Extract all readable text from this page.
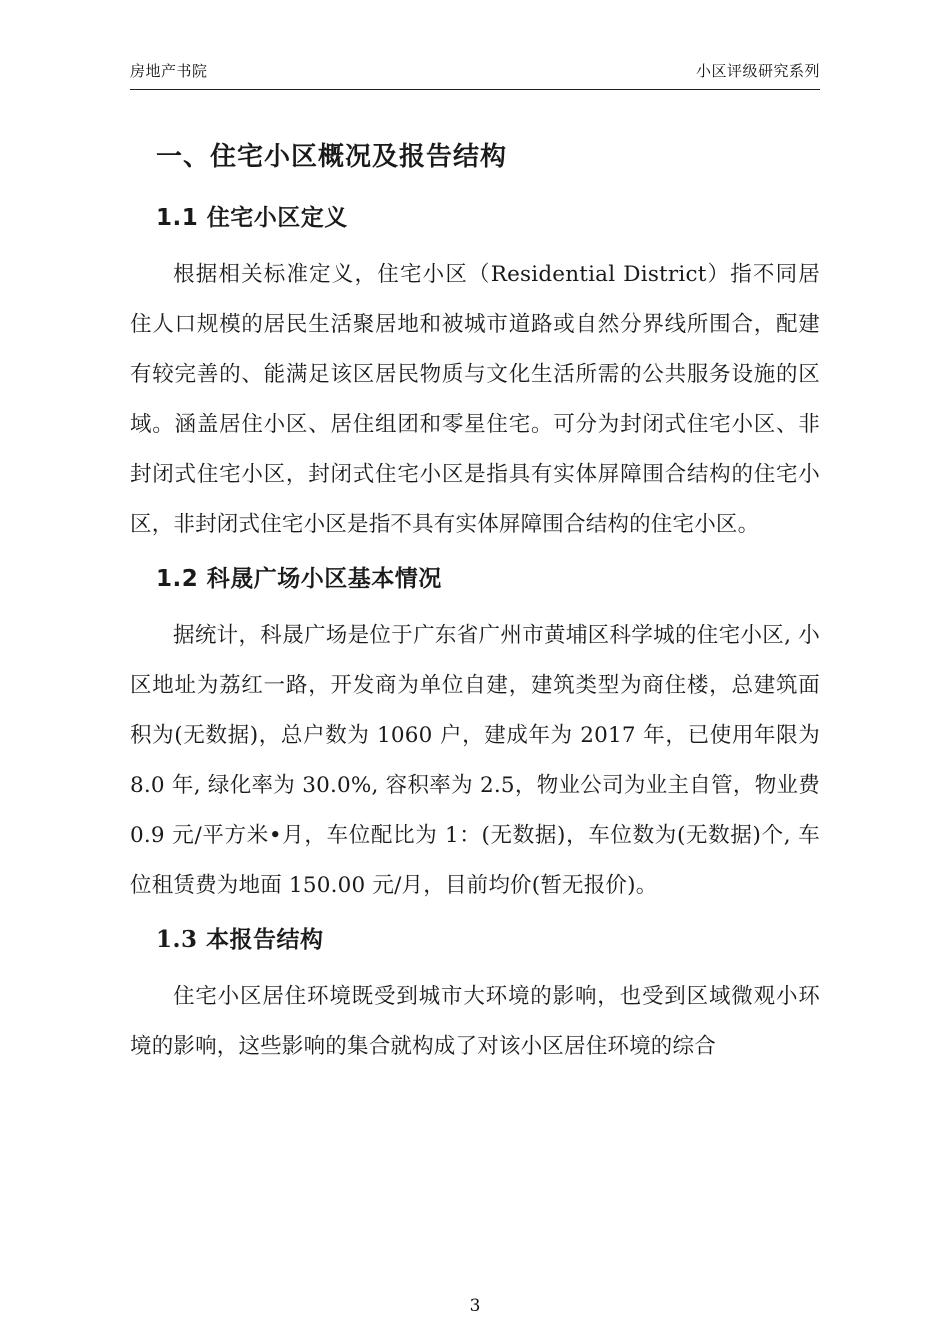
房地产书院	小区评级研究系列
一、住宅小区概况及报告结构
1.1 住宅小区定义

根据相关标准定义，住宅小区（Residential District）指不同居住人口规模的居民生活聚居地和被城市道路或自然分界线所围合，配建有较完善的、能满足该区居民物质与文化生活所需的公共服务设施的区域。涵盖居住小区、居住组团和零星住宅。可分为封闭式住宅小区、非封闭式住宅小区，封闭式住宅小区是指具有实体屏障围合结构的住宅小区，非封闭式住宅小区是指不具有实体屏障围合结构的住宅小区。

1.2 科晟广场小区基本情况

据统计，科晟广场是位于广东省广州市黄埔区科学城的住宅小区, 小区地址为荔红一路，开发商为单位自建，建筑类型为商住楼，总建筑面积为(无数据)，总户数为 1060 户，建成年为 2017 年，已使用年限为 8.0 年, 绿化率为 30.0%, 容积率为 2.5，物业公司为业主自管，物业费 0.9 元/平方米•月，车位配比为 1：(无数据)，车位数为(无数据)个, 车位租赁费为地面 150.00 元/月，目前均价(暂无报价)。

1.3 本报告结构

住宅小区居住环境既受到城市大环境的影响，也受到区域微观小环境的影响，这些影响的集合就构成了对该小区居住环境的综合

3
